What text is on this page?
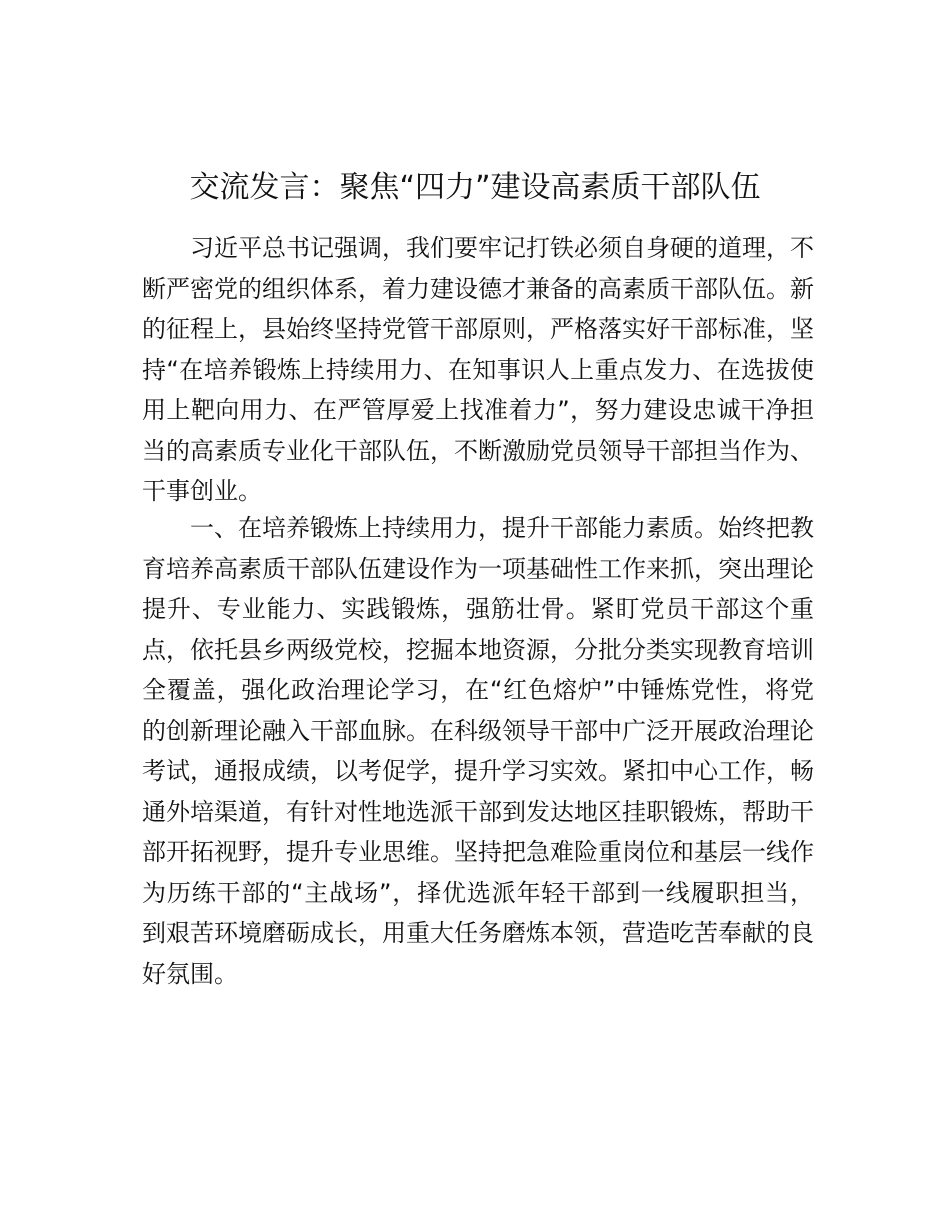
交流发言：聚焦“四力”建设高素质干部队伍

习近平总书记强调，我们要牢记打铁必须自身硬的道理，不断严密党的组织体系，着力建设德才兼备的高素质干部队伍。新的征程上，县始终坚持党管干部原则，严格落实好干部标准，坚持“在培养锻炼上持续用力、在知事识人上重点发力、在选拔使用上靶向用力、在严管厚爱上找准着力”，努力建设忠诚干净担当的高素质专业化干部队伍，不断激励党员领导干部担当作为、干事创业。

一、在培养锻炼上持续用力，提升干部能力素质。始终把教育培养高素质干部队伍建设作为一项基础性工作来抓，突出理论提升、专业能力、实践锻炼，强筋壮骨。紧盯党员干部这个重点，依托县乡两级党校，挖掘本地资源，分批分类实现教育培训全覆盖，强化政治理论学习，在“红色熔炉”中锤炼党性，将党的创新理论融入干部血脉。在科级领导干部中广泛开展政治理论考试，通报成绩，以考促学，提升学习实效。紧扣中心工作，畅通外培渠道，有针对性地选派干部到发达地区挂职锻炼，帮助干部开拓视野，提升专业思维。坚持把急难险重岗位和基层一线作为历练干部的“主战场”，择优选派年轻干部到一线履职担当，到艰苦环境磨砺成长，用重大任务磨炼本领，营造吃苦奉献的良好氛围。
